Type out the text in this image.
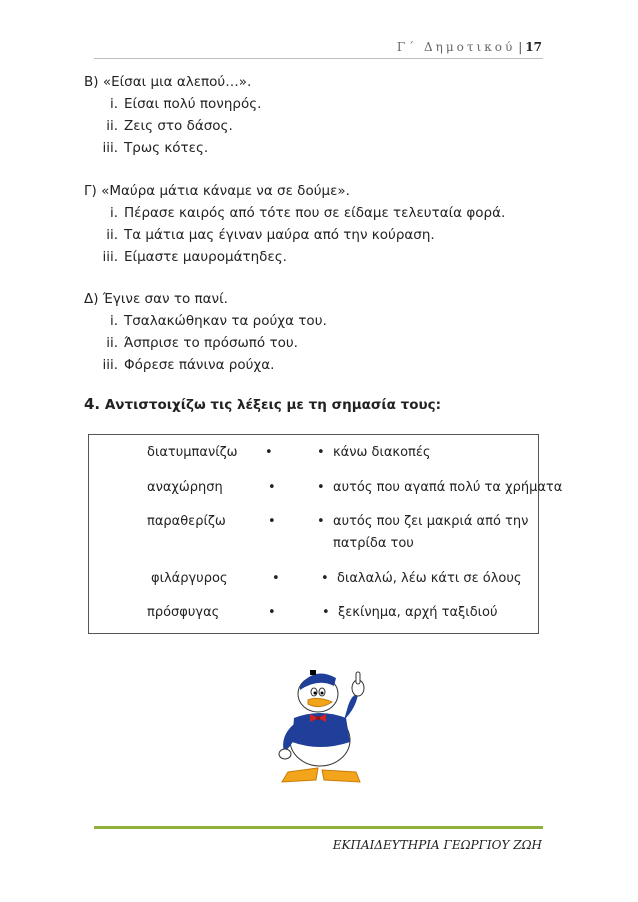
Γ΄ Δημοτικού | 17
Β) «Είσαι μια αλεπού…».
i. Είσαι πολύ πονηρός.
ii. Ζεις στο δάσος.
iii. Τρως κότες.
Γ) «Μαύρα μάτια κάναμε να σε δούμε».
i. Πέρασε καιρός από τότε που σε είδαμε τελευταία φορά.
ii. Τα μάτια μας έγιναν μαύρα από την κούραση.
iii. Είμαστε μαυρομάτηδες.
Δ) Έγινε σαν το πανί.
i. Τσαλακώθηκαν τα ρούχα του.
ii. Άσπρισε το πρόσωπό του.
iii. Φόρεσε πάνινα ρούχα.
4. Αντιστοιχίζω τις λέξεις με τη σημασία τους:
διατυμπανίζω •	• κάνω διακοπές
αναχώρηση	•	• αυτός που αγαπά πολύ τα χρήματα
παραθερίζω	•	• αυτός που ζει μακριά από την
πατρίδα του
φιλάργυρος	•	• διαλαλώ, λέω κάτι σε όλους
πρόσφυγας	•	• ξεκίνημα, αρχή ταξιδιού
ΕΚΠΑΙΔΕΥΤΗΡΙΑ ΓΕΩΡΓΙΟΥ ΖΩΗ
